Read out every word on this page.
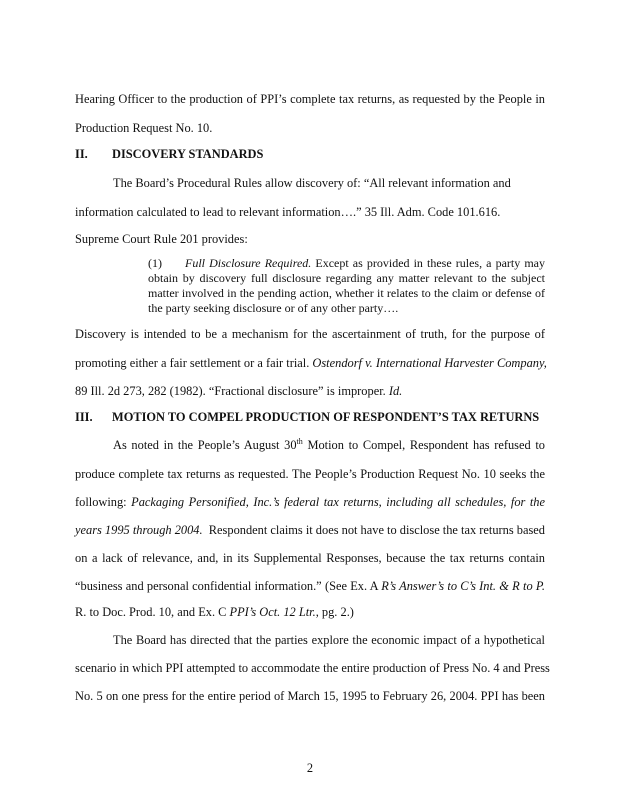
Hearing Officer to the production of PPI’s complete tax returns, as requested by the People in
Production Request No. 10.
II. DISCOVERY STANDARDS
The Board’s Procedural Rules allow discovery of: “All relevant information and
information calculated to lead to relevant information….” 35 Ill. Adm. Code 101.616.
Supreme Court Rule 201 provides:
(1) Full Disclosure Required. Except as provided in these rules, a party may
obtain by discovery full disclosure regarding any matter relevant to the subject
matter involved in the pending action, whether it relates to the claim or defense of
the party seeking disclosure or of any other party….
Discovery is intended to be a mechanism for the ascertainment of truth, for the purpose of
promoting either a fair settlement or a fair trial. Ostendorf v. International Harvester Company,
89 Ill. 2d 273, 282 (1982). “Fractional disclosure” is improper. Id.
III. MOTION TO COMPEL PRODUCTION OF RESPONDENT’S TAX RETURNS
As noted in the People’s August 30th Motion to Compel, Respondent has refused to
produce complete tax returns as requested. The People’s Production Request No. 10 seeks the
following: Packaging Personified, Inc.’s federal tax returns, including all schedules, for the
years 1995 through 2004. Respondent claims it does not have to disclose the tax returns based
on a lack of relevance, and, in its Supplemental Responses, because the tax returns contain
“business and personal confidential information.” (See Ex. A R’s Answer’s to C’s Int. & R to P.
R. to Doc. Prod. 10, and Ex. C PPI’s Oct. 12 Ltr., pg. 2.)
The Board has directed that the parties explore the economic impact of a hypothetical
scenario in which PPI attempted to accommodate the entire production of Press No. 4 and Press
No. 5 on one press for the entire period of March 15, 1995 to February 26, 2004. PPI has been
2
